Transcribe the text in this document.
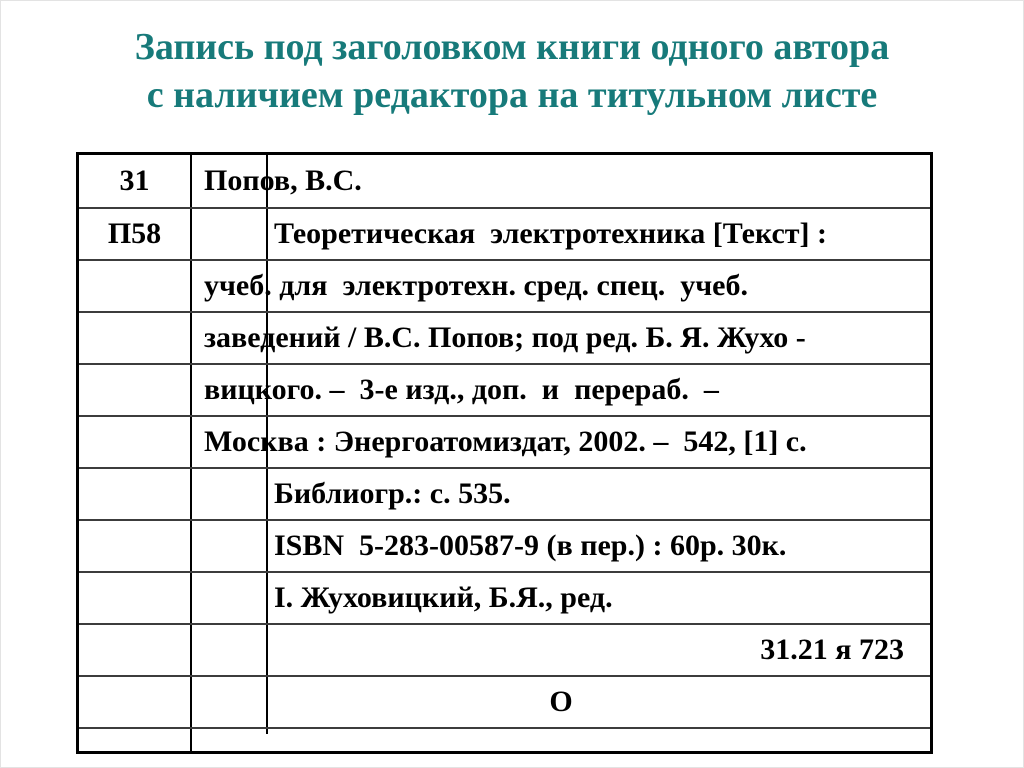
Запись под заголовком книги одного автора
с наличием редактора на титульном листе
31	Попов, В.С.
П58	Теоретическая  электротехника [Текст] :
учеб. для  электротехн. сред. спец.  учеб.
заведений / В.С. Попов; под ред. Б. Я. Жухо -
вицкого. –  3-е изд., доп.  и  перераб.  –
Москва : Энергоатомиздат, 2002. –  542, [1] с.
Библиогр.: с. 535.
ISBN  5-283-00587-9 (в пер.) : 60р. 30к.
I. Жуховицкий, Б.Я., ред.
31.21 я 723
О
